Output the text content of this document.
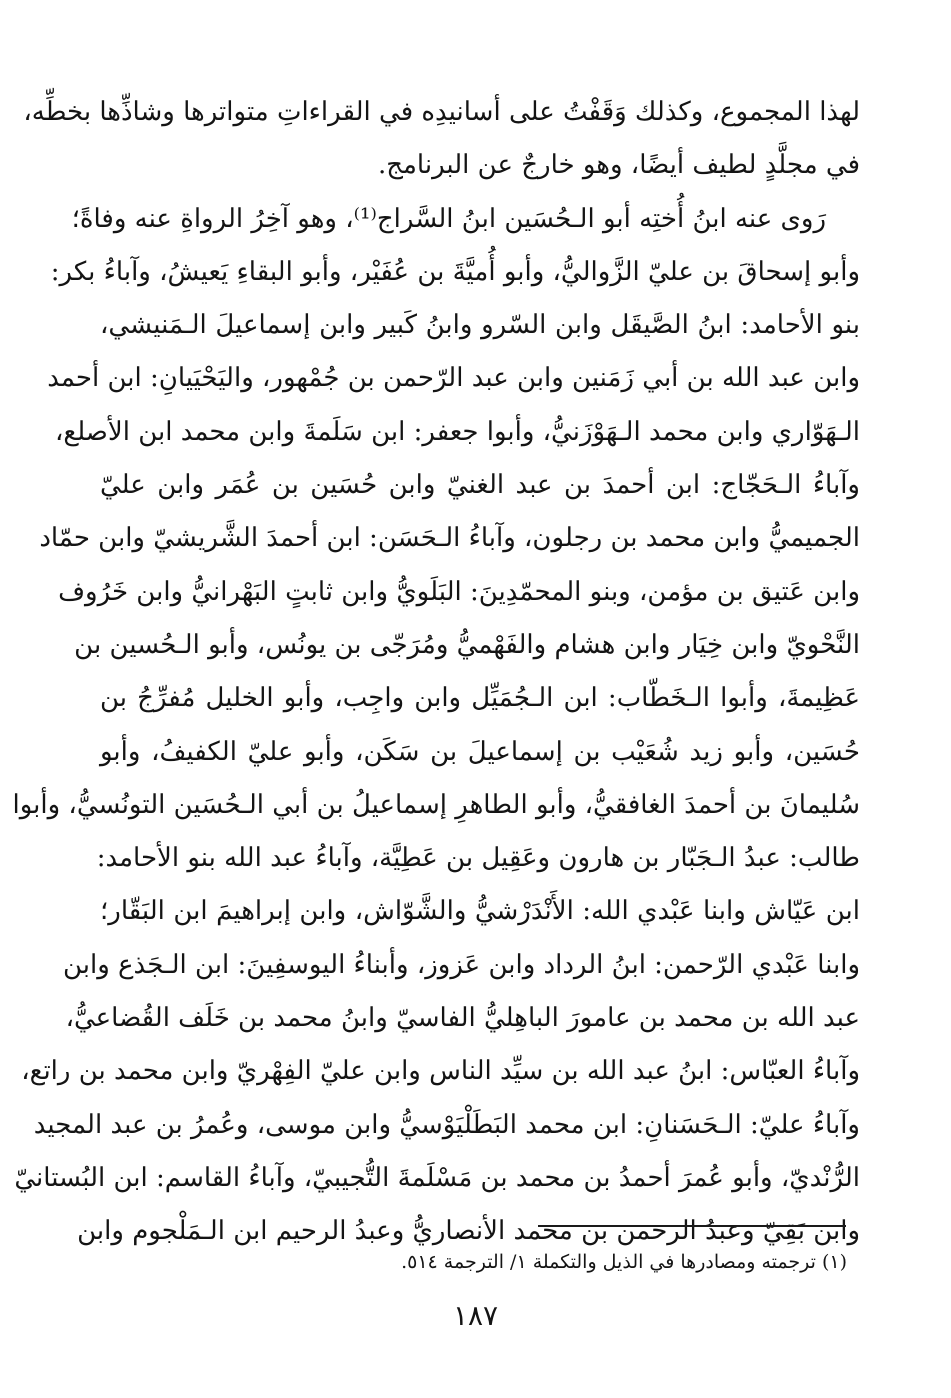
لهذا المجموع، وكذلك وَقَفْتُ على أسانيدِه في القراءاتِ متواترها وشاذِّها بخطِّه،
في مجلَّدٍ لطيف أيضًا، وهو خارجٌ عن البرنامج.
رَوى عنه ابنُ أُختِه أبو الـحُسَين ابنُ السَّراج⁽¹⁾، وهو آخِرُ الرواةِ عنه وفاةً؛
وأبو إسحاقَ بن عليّ الزَّواليُّ، وأبو أُميَّةَ بن عُفَيْر، وأبو البقاءِ يَعيشُ، وآباءُ بكر:
بنو الأحامد: ابنُ الصَّيقَل وابن السّرو وابنُ كَبير وابن إسماعيلَ الـمَنيشي،
وابن عبد الله بن أبي زَمَنين وابن عبد الرّحمن بن جُمْهور، واليَحْيَيانِ: ابن أحمد
الـهَوّاري وابن محمد الـهَوْزَنيُّ، وأبوا جعفر: ابن سَلَمةَ وابن محمد ابن الأصلع،
وآباءُ الـحَجّاج: ابن أحمدَ بن عبد الغنيّ وابن حُسَين بن عُمَر وابن عليّ
الجميميُّ وابن محمد بن رجلون، وآباءُ الـحَسَن: ابن أحمدَ الشَّريشيّ وابن حمّاد
وابن عَتيق بن مؤمن، وبنو المحمّدِينَ: البَلَويُّ وابن ثابتٍ البَهْرانيُّ وابن خَرُوف
النَّحْويّ وابن خِيَار وابن هشام والفَهْميُّ ومُرَجّى بن يونُس، وأبو الـحُسين بن
عَظِيمةَ، وأبوا الـخَطّاب: ابن الـجُمَيِّل وابن واجِب، وأبو الخليل مُفرِّجُ بن
حُسَين، وأبو زيد شُعَيْب بن إسماعيلَ بن سَكَن، وأبو عليّ الكفيفُ، وأبو
سُليمانَ بن أحمدَ الغافقيُّ، وأبو الطاهرِ إسماعيلُ بن أبي الـحُسَين التونُسيُّ، وأبوا
طالب: عبدُ الـجَبّار بن هارون وعَقِيل بن عَطِيَّة، وآباءُ عبد الله بنو الأحامد:
ابن عَيّاش وابنا عَبْدي الله: الأَنْدَرْشيُّ والشَّوّاش، وابن إبراهيمَ ابن البَقّار؛
وابنا عَبْدي الرّحمن: ابنُ الرداد وابن عَزوز، وأبناءُ اليوسفِينَ: ابن الـجَذع وابن
عبد الله بن محمد بن عامورَ الباهِليُّ الفاسيّ وابنُ محمد بن خَلَف القُضاعيُّ،
وآباءُ العبّاس: ابنُ عبد الله بن سيِّد الناس وابن عليّ الفِهْريّ وابن محمد بن راتع،
وآباءُ عليّ: الـحَسَنانِ: ابن محمد البَطَلْيَوْسيُّ وابن موسى، وعُمرُ بن عبد المجيد
الرُّنْديّ، وأبو عُمرَ أحمدُ بن محمد بن مَسْلَمةَ التُّجيبيّ، وآباءُ القاسم: ابن البُستانيّ
وابن بَقِيّ وعبدُ الرحمن بن محمد الأنصاريُّ وعبدُ الرحيم ابن الـمَلْجوم وابن
(١) ترجمته ومصادرها في الذيل والتكملة ١/ الترجمة ٥١٤.
١٨٧
